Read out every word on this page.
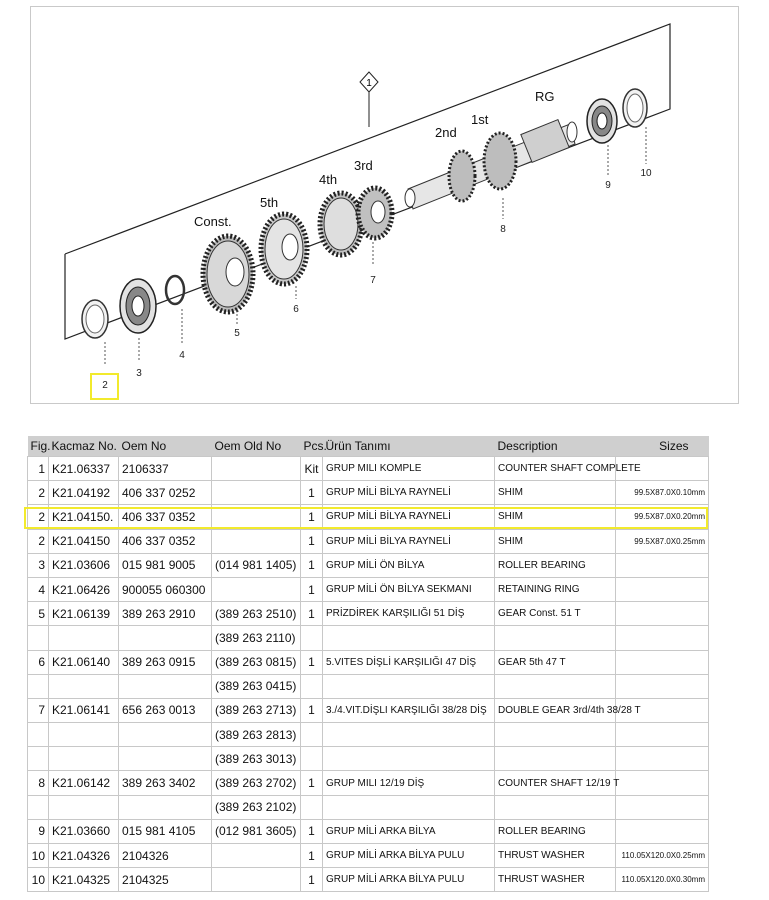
1
RG
1st
2nd
3rd
4th
5th
Const.
2
3
4
5
6
7
8
9
10
Fig.	Kacmaz No.	Oem No	Oem Old No	Pcs.	Ürün Tanımı	Description	Sizes
1	K21.06337	2106337		Kit	GRUP MILI KOMPLE	COUNTER SHAFT COMPLETE	
2	K21.04192	406 337 0252		1	GRUP MİLİ BİLYA RAYNELİ	SHIM	99.5X87.0X0.10mm
2	K21.04150.	406 337 0352		1	GRUP MİLİ BİLYA RAYNELİ	SHIM	99.5X87.0X0.20mm
2	K21.04150	406 337 0352		1	GRUP MİLİ BİLYA RAYNELİ	SHIM	99.5X87.0X0.25mm
3	K21.03606	015 981 9005	(014 981 1405)	1	GRUP MİLİ ÖN BİLYA	ROLLER BEARING	
4	K21.06426	900055 060300		1	GRUP MİLİ ÖN BİLYA SEKMANI	RETAINING RING	
5	K21.06139	389 263 2910	(389 263 2510)	1	PRİZDİREK KARŞILIĞI 51 DİŞ	GEAR Const. 51 T	
			(389 263 2110)				
6	K21.06140	389 263 0915	(389 263 0815)	1	5.VITES DİŞLİ KARŞILIĞI 47 DİŞ	GEAR 5th 47 T	
			(389 263 0415)				
7	K21.06141	656 263 0013	(389 263 2713)	1	3./4.VIT.DİŞLI KARŞILIĞI 38/28 DİŞ	DOUBLE GEAR 3rd/4th 38/28 T	
			(389 263 2813)				
			(389 263 3013)				
8	K21.06142	389 263 3402	(389 263 2702)	1	GRUP MILI 12/19 DİŞ	COUNTER SHAFT 12/19 T	
			(389 263 2102)				
9	K21.03660	015 981 4105	(012 981 3605)	1	GRUP MİLİ ARKA BİLYA	ROLLER BEARING	
10	K21.04326	2104326		1	GRUP MİLİ ARKA BİLYA PULU	THRUST WASHER	110.05X120.0X0.25mm
10	K21.04325	2104325		1	GRUP MİLİ ARKA BİLYA PULU	THRUST WASHER	110.05X120.0X0.30mm
